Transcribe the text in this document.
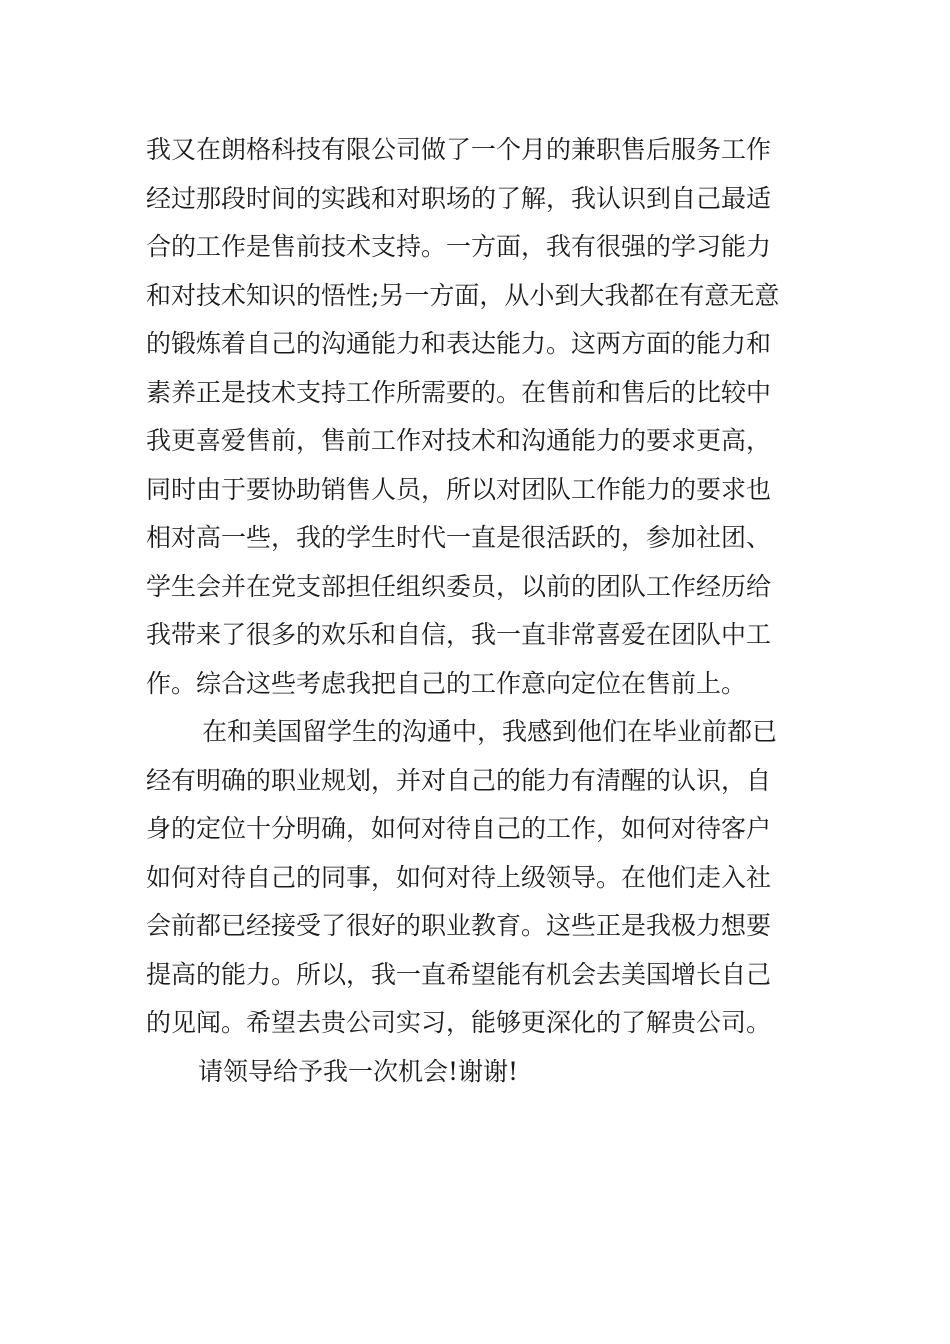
我又在朗格科技有限公司做了一个月的兼职售后服务工作
经过那段时间的实践和对职场的了解，我认识到自己最适
合的工作是售前技术支持。一方面，我有很强的学习能力
和对技术知识的悟性;另一方面，从小到大我都在有意无意
的锻炼着自己的沟通能力和表达能力。这两方面的能力和
素养正是技术支持工作所需要的。在售前和售后的比较中
我更喜爱售前，售前工作对技术和沟通能力的要求更高，
同时由于要协助销售人员，所以对团队工作能力的要求也
相对高一些，我的学生时代一直是很活跃的，参加社团、
学生会并在党支部担任组织委员，以前的团队工作经历给
我带来了很多的欢乐和自信，我一直非常喜爱在团队中工
作。综合这些考虑我把自己的工作意向定位在售前上。
在和美国留学生的沟通中，我感到他们在毕业前都已
经有明确的职业规划，并对自己的能力有清醒的认识，自
身的定位十分明确，如何对待自己的工作，如何对待客户
如何对待自己的同事，如何对待上级领导。在他们走入社
会前都已经接受了很好的职业教育。这些正是我极力想要
提高的能力。所以，我一直希望能有机会去美国增长自己
的见闻。希望去贵公司实习，能够更深化的了解贵公司。
请领导给予我一次机会!谢谢!
